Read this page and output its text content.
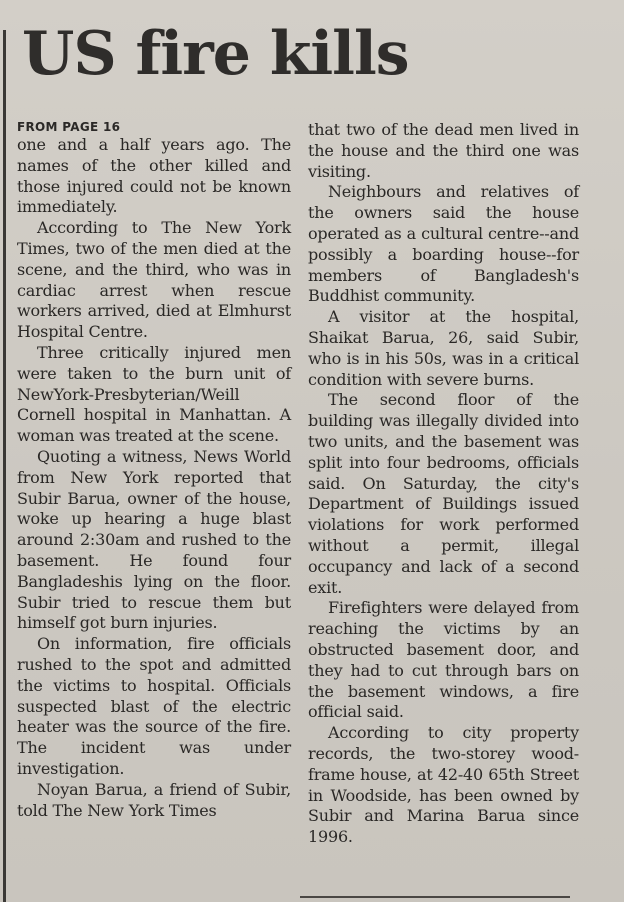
US fire kills
FROM PAGE 16

one and a half years ago. The names of the other killed and those injured could not be known immediately.

According to The New York Times, two of the men died at the scene, and the third, who was in cardiac arrest when rescue workers arrived, died at Elmhurst Hospital Centre.

Three critically injured men were taken to the burn unit of NewYork-Presbyterian/Weill Cornell hospital in Manhattan. A woman was treated at the scene.

Quoting a witness, News World from New York reported that Subir Barua, owner of the house, woke up hearing a huge blast around 2:30am and rushed to the basement. He found four Bangladeshis lying on the floor. Subir tried to rescue them but himself got burn injuries.

On information, fire officials rushed to the spot and admitted the victims to hospital. Officials suspected blast of the electric heater was the source of the fire. The incident was under investigation.

Noyan Barua, a friend of Subir, told The New York Times

that two of the dead men lived in the house and the third one was visiting.

Neighbours and relatives of the owners said the house operated as a cultural centre--and possibly a boarding house--for members of Bangladesh's Buddhist community.

A visitor at the hospital, Shaikat Barua, 26, said Subir, who is in his 50s, was in a critical condition with severe burns.

The second floor of the building was illegally divided into two units, and the basement was split into four bedrooms, officials said. On Saturday, the city's Department of Buildings issued violations for work performed without a permit, illegal occupancy and lack of a second exit.

Firefighters were delayed from reaching the victims by an obstructed basement door, and they had to cut through bars on the basement windows, a fire official said.

According to city property records, the two-storey wood-frame house, at 42-40 65th Street in Woodside, has been owned by Subir and Marina Barua since 1996.
